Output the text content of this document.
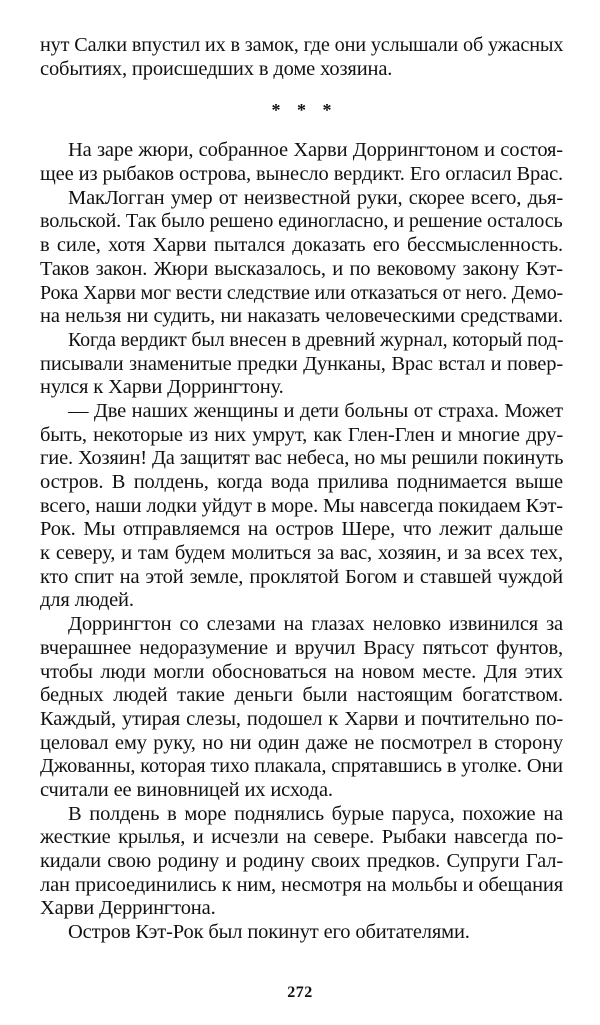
нут Салки впустил их в замок, где они услышали об ужасных
событиях, происшедших в доме хозяина.
* * *
На заре жюри, собранное Харви Доррингтоном и состоя-
щее из рыбаков острова, вынесло вердикт. Его огласил Врас.
МакЛогган умер от неизвестной руки, скорее всего, дья-
вольской. Так было решено единогласно, и решение осталось
в силе, хотя Харви пытался доказать его бессмысленность.
Таков закон. Жюри высказалось, и по вековому закону Кэт-
Рока Харви мог вести следствие или отказаться от него. Демо-
на нельзя ни судить, ни наказать человеческими средствами.
Когда вердикт был внесен в древний журнал, который под-
писывали знаменитые предки Дунканы, Врас встал и повер-
нулся к Харви Доррингтону.
— Две наших женщины и дети больны от страха. Может
быть, некоторые из них умрут, как Глен-Глен и многие дру-
гие. Хозяин! Да защитят вас небеса, но мы решили покинуть
остров. В полдень, когда вода прилива поднимается выше
всего, наши лодки уйдут в море. Мы навсегда покидаем Кэт-
Рок. Мы отправляемся на остров Шере, что лежит дальше
к северу, и там будем молиться за вас, хозяин, и за всех тех,
кто спит на этой земле, проклятой Богом и ставшей чуждой
для людей.
Доррингтон со слезами на глазах неловко извинился за
вчерашнее недоразумение и вручил Врасу пятьсот фунтов,
чтобы люди могли обосноваться на новом месте. Для этих
бедных людей такие деньги были настоящим богатством.
Каждый, утирая слезы, подошел к Харви и почтительно по-
целовал ему руку, но ни один даже не посмотрел в сторону
Джованны, которая тихо плакала, спрятавшись в уголке. Они
считали ее виновницей их исхода.
В полдень в море поднялись бурые паруса, похожие на
жесткие крылья, и исчезли на севере. Рыбаки навсегда по-
кидали свою родину и родину своих предков. Супруги Гал-
лан присоединились к ним, несмотря на мольбы и обещания
Харви Деррингтона.
Остров Кэт-Рок был покинут его обитателями.
272
